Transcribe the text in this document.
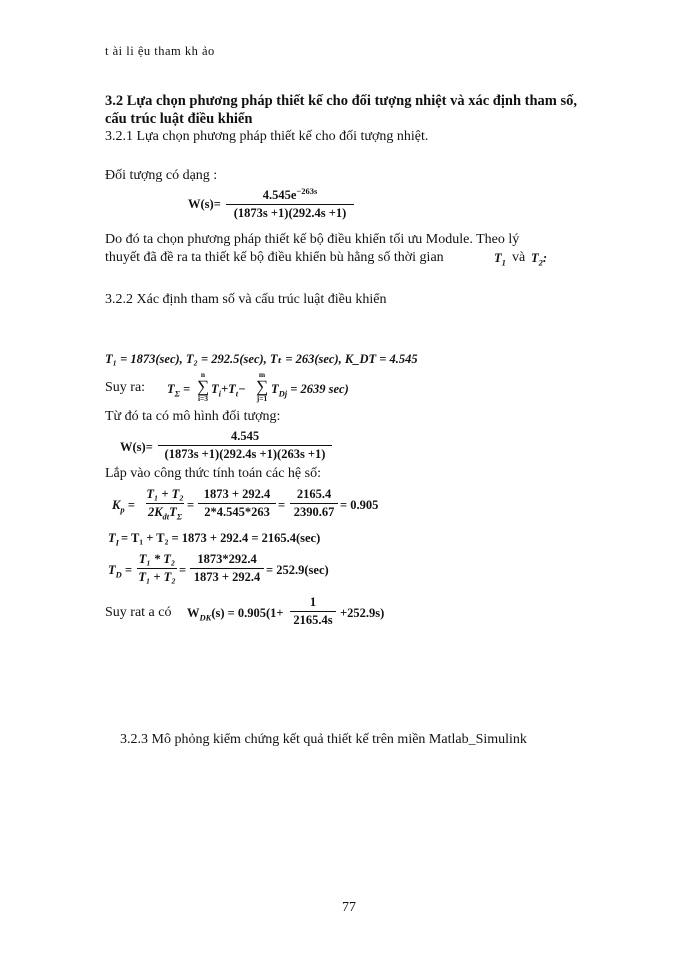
t ài li ệu tham kh ảo
3.2 Lựa chọn phương pháp thiết kế cho đối tượng nhiệt và xác định tham số,
cấu trúc luật điều khiển
3.2.1 Lựa chọn phương pháp thiết kế cho đối tượng nhiệt.
Đối tượng có dạng :
W(s)=
$4.545e^{-263s}$
(1873s +1)(292.4s +1)
Do đó ta chọn phương pháp thiết kế bộ điều khiển tối ưu Module. Theo lý
thuyết đã đề ra ta thiết kế bộ điều khiển bù hằng số thời gian	$T_1$ và $T_2$:
3.2.2 Xác định tham số và cấu trúc luật điều khiển
T₁ = 1873(sec), T₂ = 292.5(sec), Tₜ = 263(sec), K_DT = 4.545
Suy ra: $T_\Sigma$ =
n
∑
i=3
$T_i+T_t-$
m
∑
j=1
$T_{Dj} = 2639$ sec)
Từ đó ta có mô hình đối tượng:
W(s)=
4.545
(1873s +1)(292.4s +1)(263s +1)
Lắp vào công thức tính toán các hệ số:
$K_p$ =
T₁ + T₂
$2K_{dt}T_\Sigma$
=
1873 + 292.4
2*4.545*263 =
2165.4
2390.67 = 0.905
$T_I = T_1 + T_2 = 1873 + 292.4 = 2165.4(\sec)$
$T_D$ =
T₁ * T₂
T₁ + T₂ =
1873*292.4
1873 + 292.4 = 252.9(sec)
Suy rat a có $W_{DK}(s) = 0.905(1+$
1
2165.4s +252.9s)
3.2.3 Mô phỏng kiểm chứng kết quả thiết kế trên miền Matlab_Simulink
77
